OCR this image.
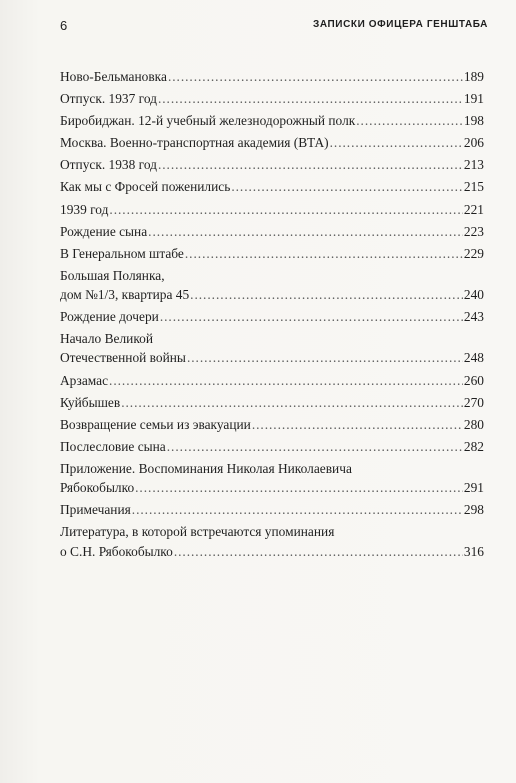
6	ЗАПИСКИ ОФИЦЕРА ГЕНШТАБА
Ново-Бельмановка . . .	189
Отпуск. 1937 год . . .	191
Биробиджан. 12-й учебный железнодорожный полк . . .	198
Москва. Военно-транспортная академия (ВТА) . . .	206
Отпуск. 1938 год . . .	213
Как мы с Фросей поженились . . .	215
1939 год . . .	221
Рождение сына . . .	223
В Генеральном штабе . . .	229
Большая Полянка,
дом №1/3, квартира 45 . . .	240
Рождение дочери . . .	243
Начало Великой
Отечественной войны . . .	248
Арзамас . . .	260
Куйбышев . . .	270
Возвращение семьи из эвакуации . . .	280
Послесловие сына . . .	282
Приложение. Воспоминания Николая Николаевича
Рябокобылко . . .	291
Примечания . . .	298
Литература, в которой встречаются упоминания
о С.Н. Рябокобылко . . .	316
